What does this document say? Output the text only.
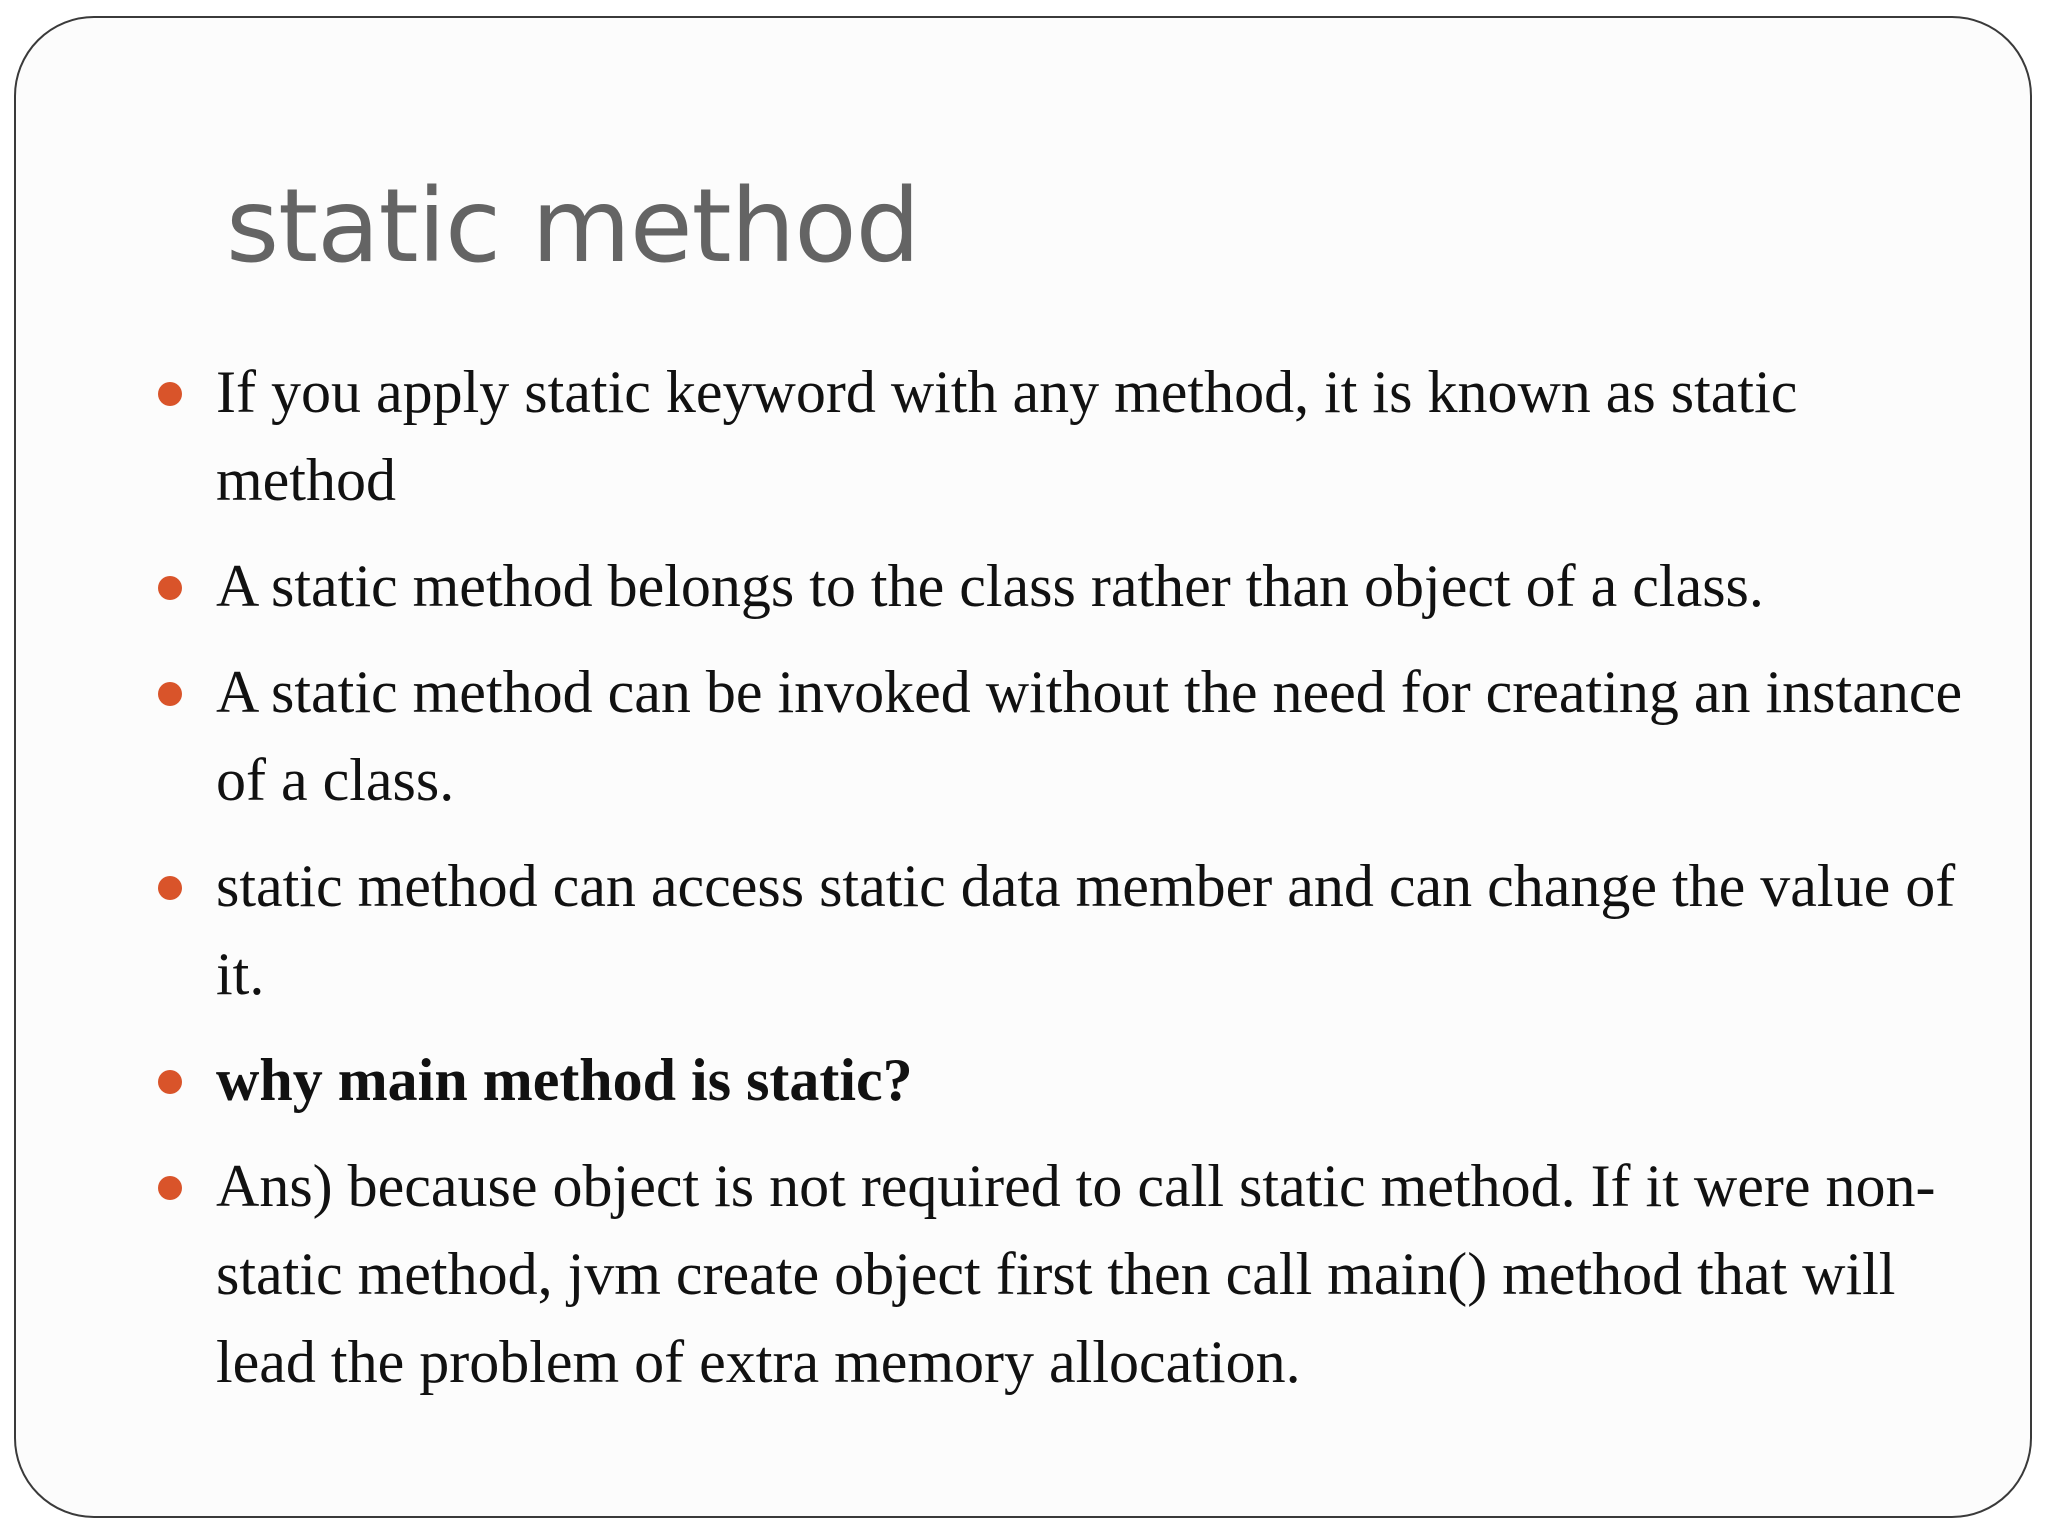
static method
If you apply static keyword with any method, it is known as static method
A static method belongs to the class rather than object of a class.
A static method can be invoked without the need for creating an instance of a class.
static method can access static data member and can change the value of it.
why main method is static?
Ans) because object is not required to call static method. If it were non-static method, jvm create object first then call main() method that will lead the problem of extra memory allocation.
